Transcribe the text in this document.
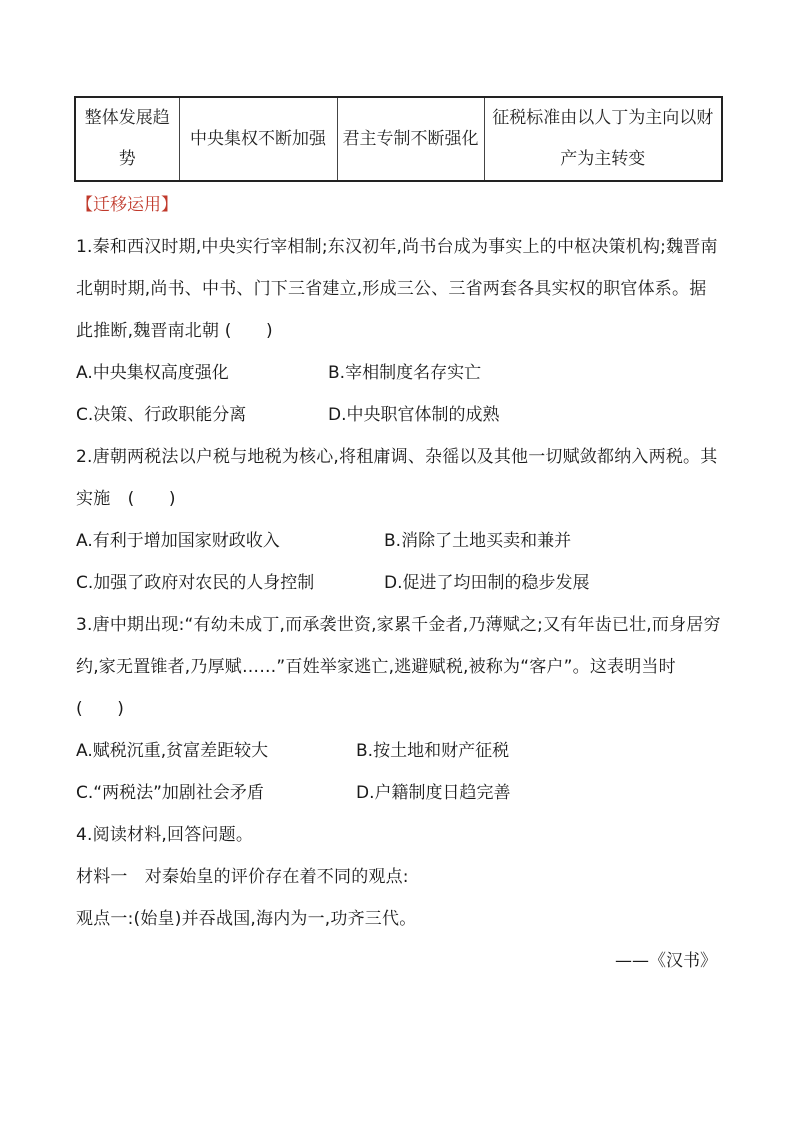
整体发展趋势	中央集权不断加强	君主专制不断强化	征税标准由以人丁为主向以财产为主转变
【迁移运用】
1.秦和西汉时期,中央实行宰相制;东汉初年,尚书台成为事实上的中枢决策机构;魏晋南北朝时期,尚书、中书、门下三省建立,形成三公、三省两套各具实权的职官体系。据此推断,魏晋南北朝 (　　)
A.中央集权高度强化	B.宰相制度名存实亡
C.决策、行政职能分离	D.中央职官体制的成熟
2.唐朝两税法以户税与地税为核心,将租庸调、杂徭以及其他一切赋敛都纳入两税。其实施　(　　)
A.有利于增加国家财政收入	B.消除了土地买卖和兼并
C.加强了政府对农民的人身控制	D.促进了均田制的稳步发展
3.唐中期出现:“有幼未成丁,而承袭世资,家累千金者,乃薄赋之;又有年齿已壮,而身居穷约,家无置锥者,乃厚赋……”百姓举家逃亡,逃避赋税,被称为“客户”。这表明当时　(　　)
A.赋税沉重,贫富差距较大	B.按土地和财产征税
C.“两税法”加剧社会矛盾	D.户籍制度日趋完善
4.阅读材料,回答问题。
材料一　对秦始皇的评价存在着不同的观点:
观点一:(始皇)并吞战国,海内为一,功齐三代。
——《汉书》
